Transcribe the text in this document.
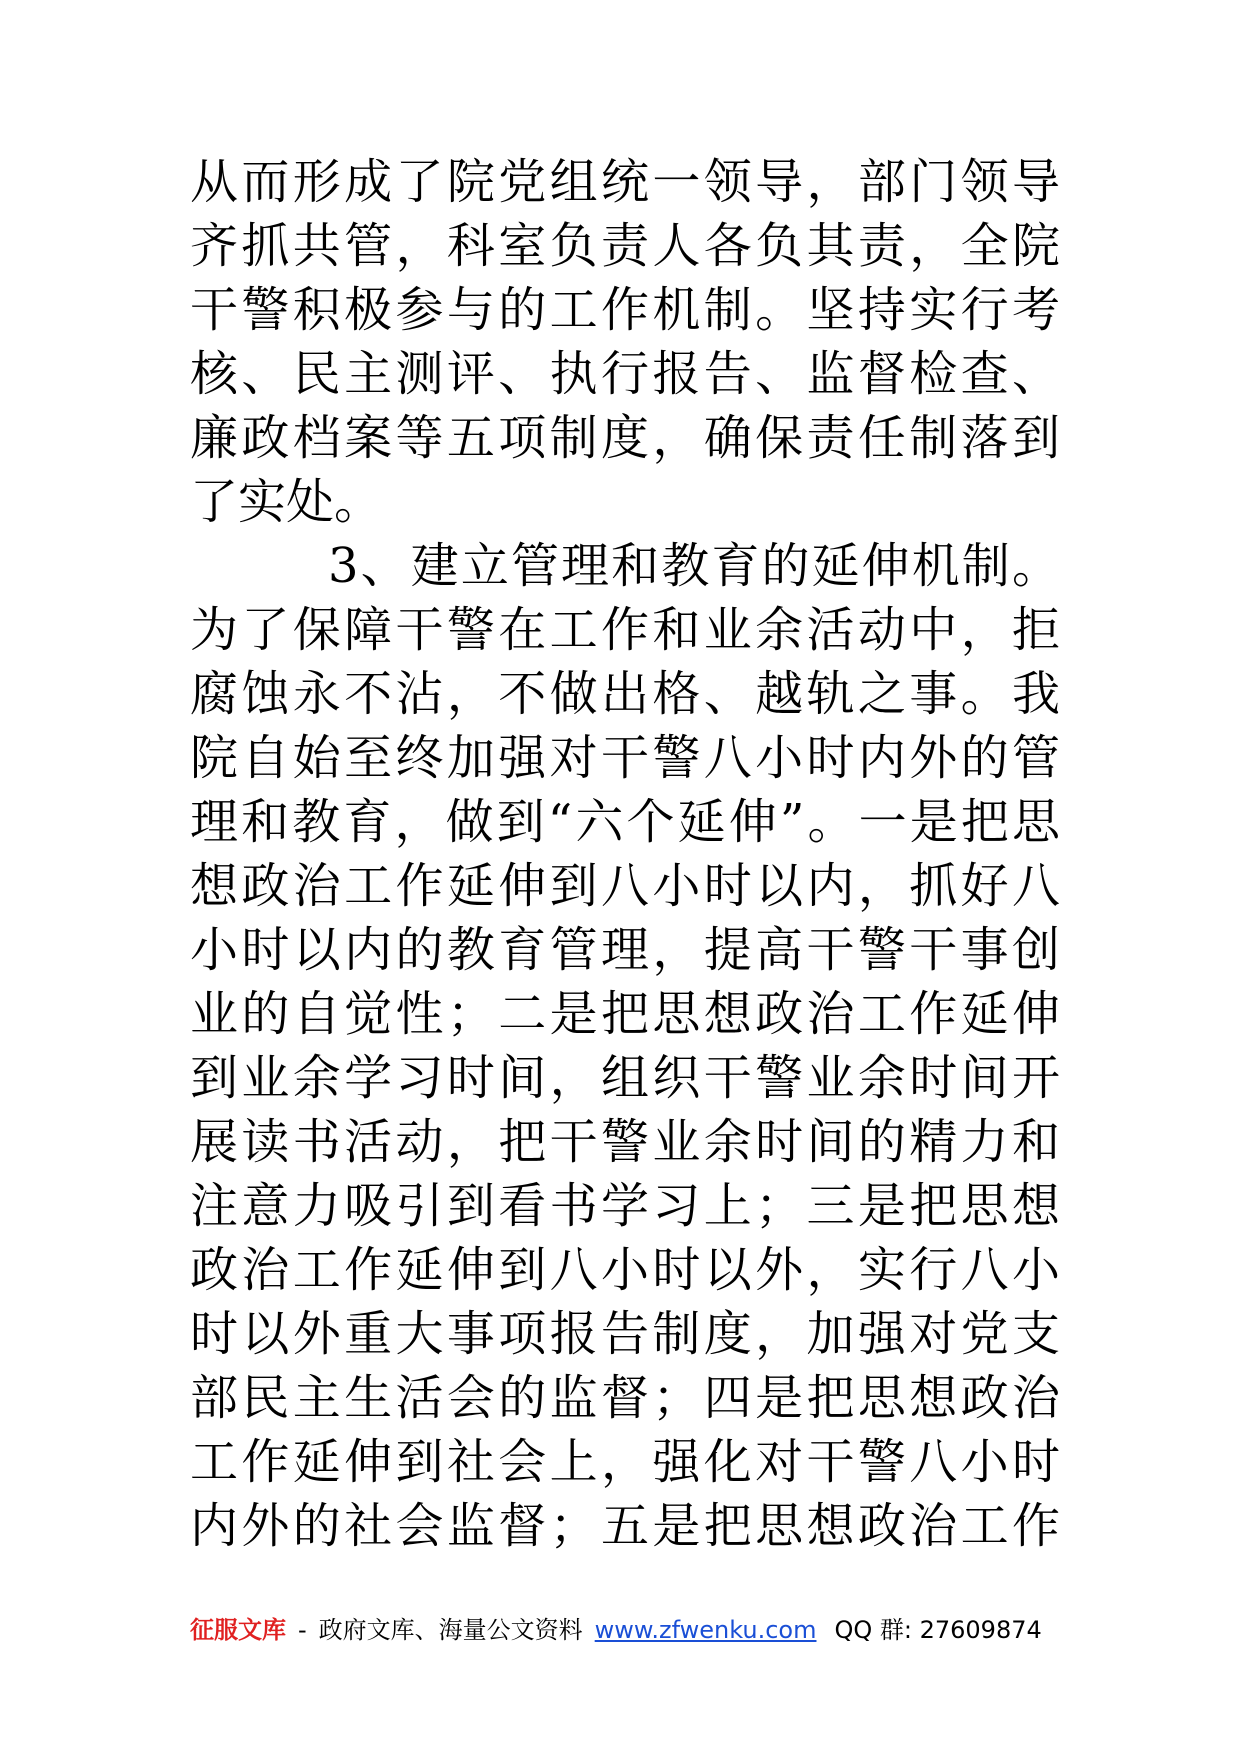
从而形成了院党组统一领导，部门领导
齐抓共管，科室负责人各负其责，全院
干警积极参与的工作机制。坚持实行考
核、民主测评、执行报告、监督检查、
廉政档案等五项制度，确保责任制落到
了实处。
3、建立管理和教育的延伸机制。
为了保障干警在工作和业余活动中，拒
腐蚀永不沾，不做出格、越轨之事。我
院自始至终加强对干警八小时内外的管
理和教育，做到“六个延伸”。一是把思
想政治工作延伸到八小时以内，抓好八
小时以内的教育管理，提高干警干事创
业的自觉性；二是把思想政治工作延伸
到业余学习时间，组织干警业余时间开
展读书活动，把干警业余时间的精力和
注意力吸引到看书学习上；三是把思想
政治工作延伸到八小时以外，实行八小
时以外重大事项报告制度，加强对党支
部民主生活会的监督；四是把思想政治
工作延伸到社会上，强化对干警八小时
内外的社会监督；五是把思想政治工作
征服文库 - 政府文库、海量公文资料 www.zfwenku.com QQ 群: 27609874
